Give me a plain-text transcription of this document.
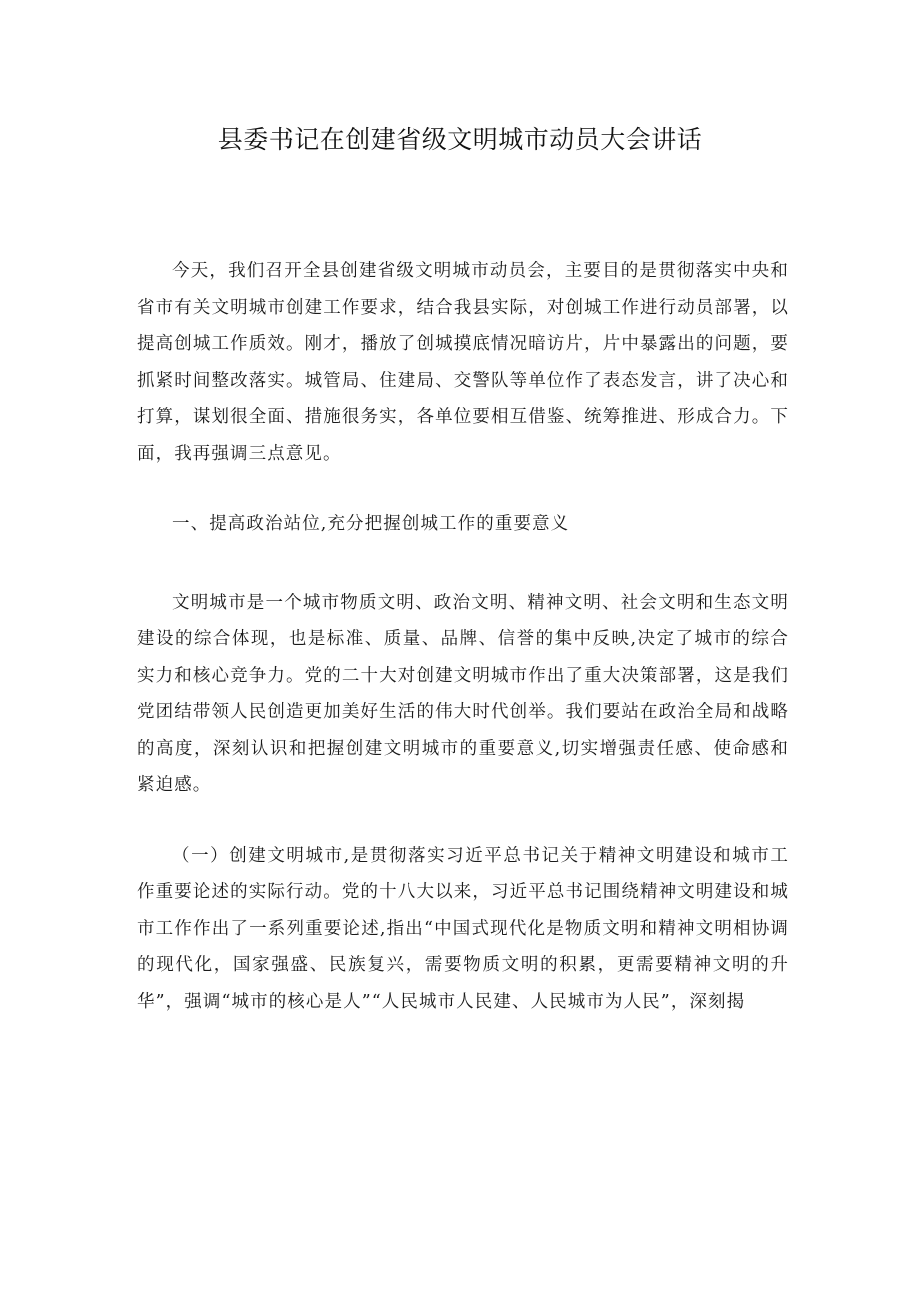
县委书记在创建省级文明城市动员大会讲话

今天，我们召开全县创建省级文明城市动员会，主要目的是贯彻落实中央和省市有关文明城市创建工作要求，结合我县实际，对创城工作进行动员部署，以提高创城工作质效。刚才，播放了创城摸底情况暗访片，片中暴露出的问题，要抓紧时间整改落实。城管局、住建局、交警队等单位作了表态发言，讲了决心和打算，谋划很全面、措施很务实，各单位要相互借鉴、统筹推进、形成合力。下面，我再强调三点意见。

一、提高政治站位,充分把握创城工作的重要意义

文明城市是一个城市物质文明、政治文明、精神文明、社会文明和生态文明建设的综合体现，也是标准、质量、品牌、信誉的集中反映,决定了城市的综合实力和核心竞争力。党的二十大对创建文明城市作出了重大决策部署，这是我们党团结带领人民创造更加美好生活的伟大时代创举。我们要站在政治全局和战略的高度，深刻认识和把握创建文明城市的重要意义,切实增强责任感、使命感和紧迫感。

（一）创建文明城市,是贯彻落实习近平总书记关于精神文明建设和城市工作重要论述的实际行动。党的十八大以来，习近平总书记围绕精神文明建设和城市工作作出了一系列重要论述,指出“中国式现代化是物质文明和精神文明相协调的现代化，国家强盛、民族复兴，需要物质文明的积累，更需要精神文明的升华”，强调“城市的核心是人”“人民城市人民建、人民城市为人民”，深刻揭
